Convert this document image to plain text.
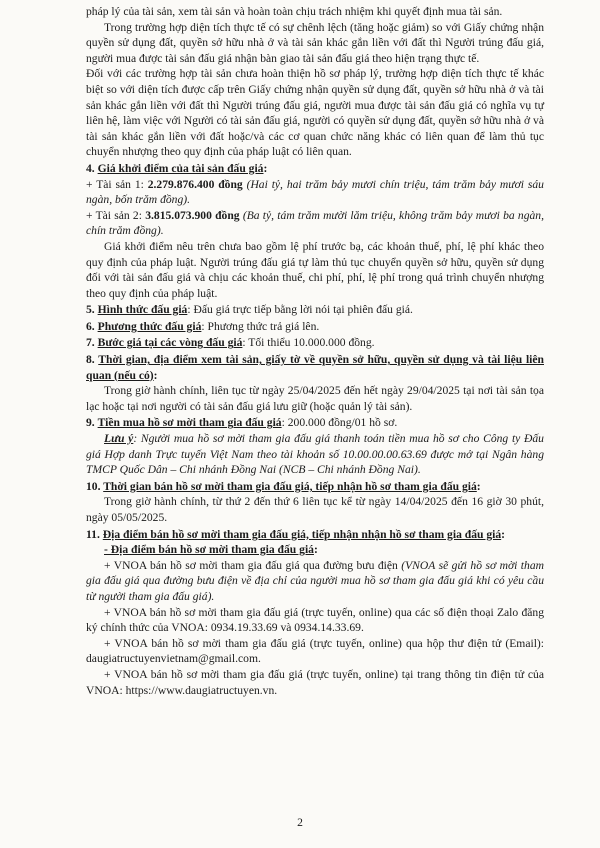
pháp lý của tài sản, xem tài sản và hoàn toàn chịu trách nhiệm khi quyết định mua tài sản.

Trong trường hợp diện tích thực tế có sự chênh lệch (tăng hoặc giảm) so với Giấy chứng nhận quyền sử dụng đất, quyền sở hữu nhà ở và tài sản khác gắn liền với đất thì Người trúng đấu giá, người mua được tài sản đấu giá nhận bàn giao tài sản đấu giá theo hiện trạng thực tế.

Đối với các trường hợp tài sản chưa hoàn thiện hồ sơ pháp lý, trường hợp diện tích thực tế khác biệt so với diện tích được cấp trên Giấy chứng nhận quyền sử dụng đất, quyền sở hữu nhà ở và tài sản khác gắn liền với đất thì Người trúng đấu giá, người mua được tài sản đấu giá có nghĩa vụ tự liên hệ, làm việc với Người có tài sản đấu giá, người có quyền sử dụng đất, quyền sở hữu nhà ở và tài sản khác gắn liền với đất hoặc/và các cơ quan chức năng khác có liên quan để làm thủ tục chuyển nhượng theo quy định của pháp luật có liên quan.

4. Giá khởi điểm của tài sản đấu giá:

+ Tài sản 1: 2.279.876.400 đồng (Hai tỷ, hai trăm bảy mươi chín triệu, tám trăm bảy mươi sáu ngàn, bốn trăm đồng).

+ Tài sản 2: 3.815.073.900 đồng (Ba tỷ, tám trăm mười lăm triệu, không trăm bảy mươi ba ngàn, chín trăm đồng).

Giá khởi điểm nêu trên chưa bao gồm lệ phí trước bạ, các khoản thuế, phí, lệ phí khác theo quy định của pháp luật. Người trúng đấu giá tự làm thủ tục chuyển quyền sở hữu, quyền sử dụng đối với tài sản đấu giá và chịu các khoản thuế, chi phí, phí, lệ phí trong quá trình chuyển nhượng theo quy định của pháp luật.

5. Hình thức đấu giá: Đấu giá trực tiếp bằng lời nói tại phiên đấu giá.

6. Phương thức đấu giá: Phương thức trả giá lên.

7. Bước giá tại các vòng đấu giá: Tối thiểu 10.000.000 đồng.

8. Thời gian, địa điểm xem tài sản, giấy tờ về quyền sở hữu, quyền sử dụng và tài liệu liên quan (nếu có):

Trong giờ hành chính, liên tục từ ngày 25/04/2025 đến hết ngày 29/04/2025 tại nơi tài sản tọa lạc hoặc tại nơi người có tài sản đấu giá lưu giữ (hoặc quản lý tài sản).

9. Tiền mua hồ sơ mời tham gia đấu giá: 200.000 đồng/01 hồ sơ.

Lưu ý: Người mua hồ sơ mời tham gia đấu giá thanh toán tiền mua hồ sơ cho Công ty Đấu giá Hợp danh Trực tuyến Việt Nam theo tài khoản số 10.00.00.00.63.69 được mở tại Ngân hàng TMCP Quốc Dân – Chi nhánh Đồng Nai (NCB – Chi nhánh Đồng Nai).

10. Thời gian bán hồ sơ mời tham gia đấu giá, tiếp nhận hồ sơ tham gia đấu giá:

Trong giờ hành chính, từ thứ 2 đến thứ 6 liên tục kể từ ngày 14/04/2025 đến 16 giờ 30 phút, ngày 05/05/2025.

11. Địa điểm bán hồ sơ mời tham gia đấu giá, tiếp nhận nhận hồ sơ tham gia đấu giá:

- Địa điểm bán hồ sơ mời tham gia đấu giá:

+ VNOA bán hồ sơ mời tham gia đấu giá qua đường bưu điện (VNOA sẽ gửi hồ sơ mời tham gia đấu giá qua đường bưu điện về địa chỉ của người mua hồ sơ tham gia đấu giá khi có yêu cầu từ người tham gia đấu giá).

+ VNOA bán hồ sơ mời tham gia đấu giá (trực tuyến, online) qua các số điện thoại Zalo đăng ký chính thức của VNOA: 0934.19.33.69 và 0934.14.33.69.

+ VNOA bán hồ sơ mời tham gia đấu giá (trực tuyến, online) qua hộp thư điện tử (Email): daugiatructuyenvietnam@gmail.com.

+ VNOA bán hồ sơ mời tham gia đấu giá (trực tuyến, online) tại trang thông tin điện tử của VNOA: https://www.daugiatructuyen.vn.

2
